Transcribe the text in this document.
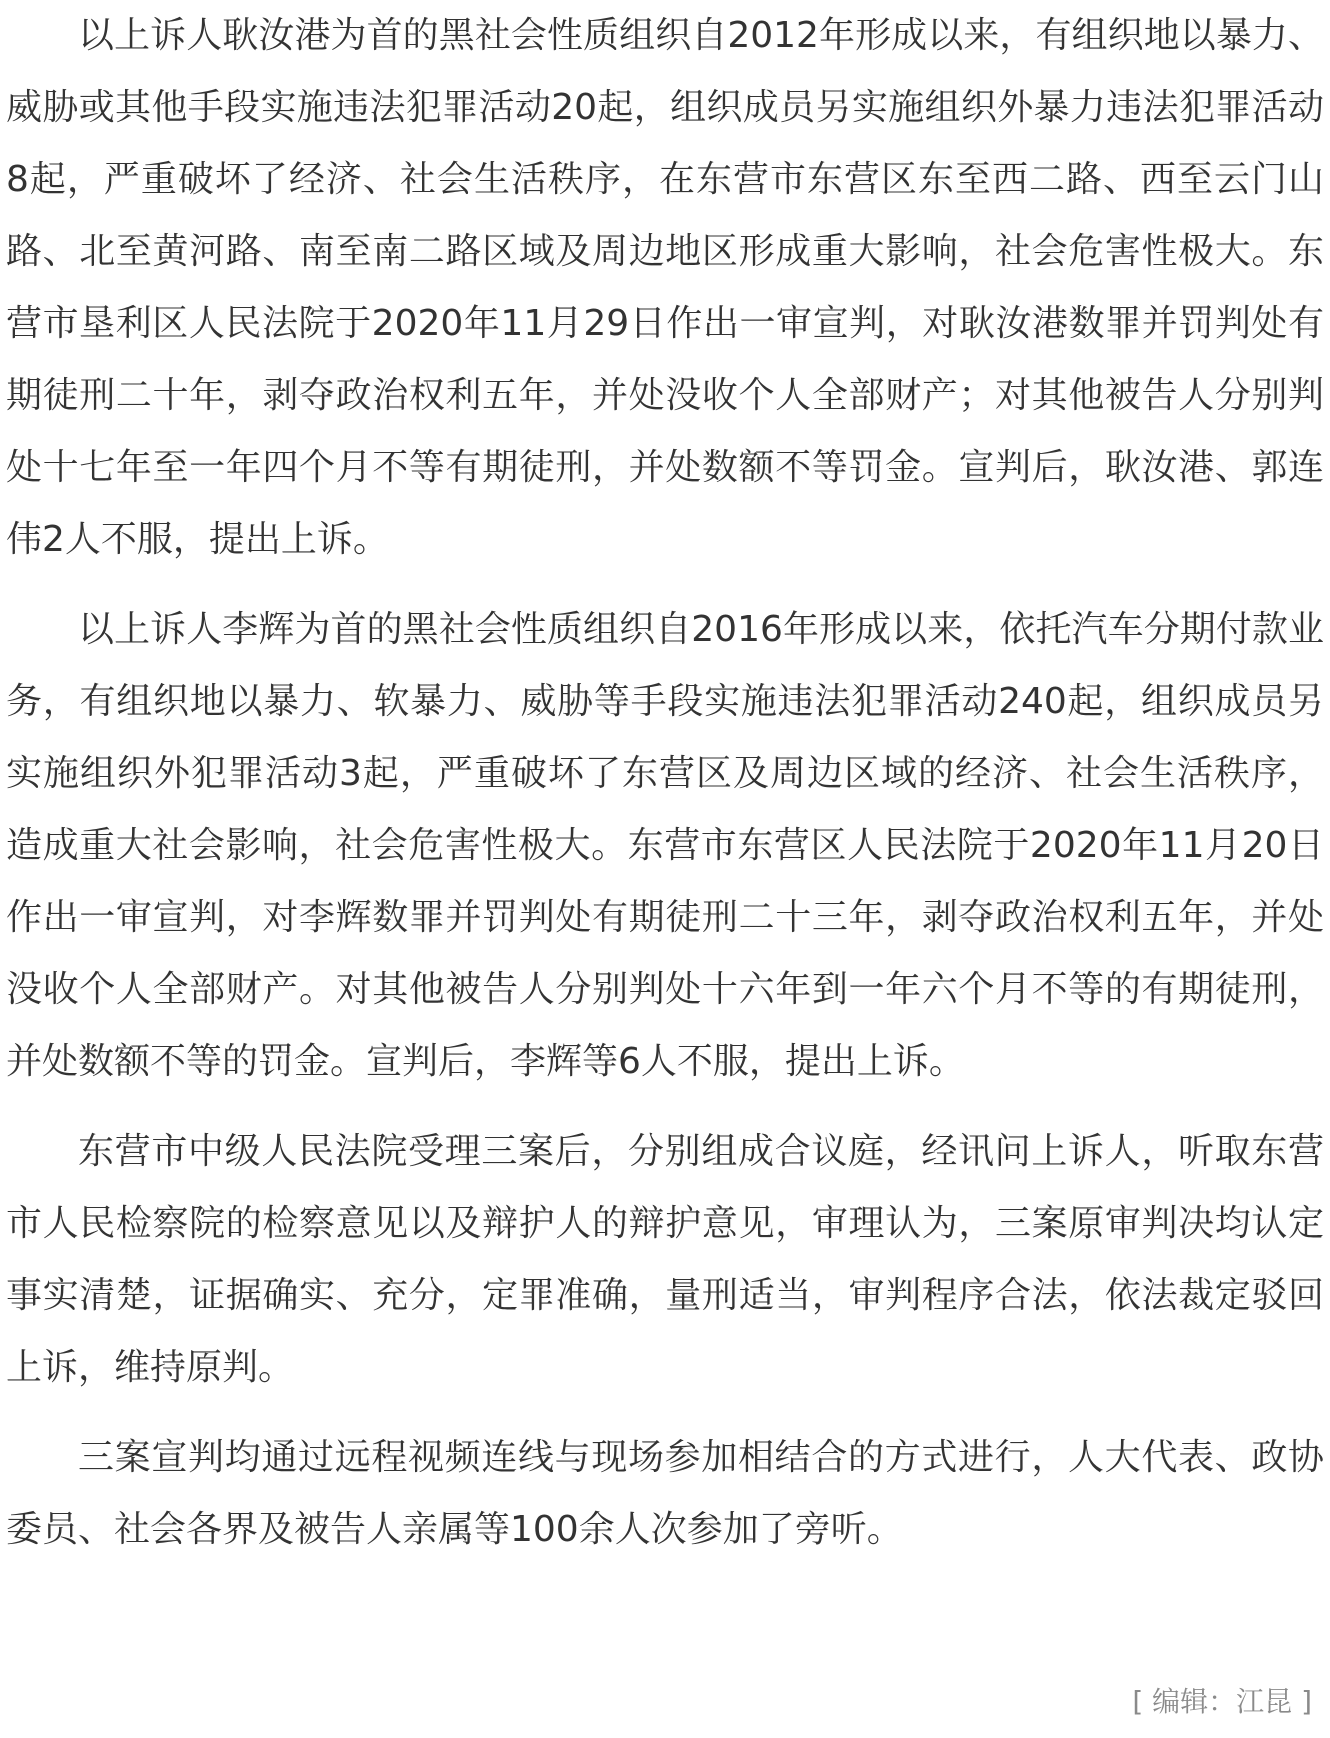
以上诉人耿汝港为首的黑社会性质组织自2012年形成以来，有组织地以暴力、威胁或其他手段实施违法犯罪活动20起，组织成员另实施组织外暴力违法犯罪活动8起，严重破坏了经济、社会生活秩序，在东营市东营区东至西二路、西至云门山路、北至黄河路、南至南二路区域及周边地区形成重大影响，社会危害性极大。东营市垦利区人民法院于2020年11月29日作出一审宣判，对耿汝港数罪并罚判处有期徒刑二十年，剥夺政治权利五年，并处没收个人全部财产；对其他被告人分别判处十七年至一年四个月不等有期徒刑，并处数额不等罚金。宣判后，耿汝港、郭连伟2人不服，提出上诉。

以上诉人李辉为首的黑社会性质组织自2016年形成以来，依托汽车分期付款业务，有组织地以暴力、软暴力、威胁等手段实施违法犯罪活动240起，组织成员另实施组织外犯罪活动3起，严重破坏了东营区及周边区域的经济、社会生活秩序，造成重大社会影响，社会危害性极大。东营市东营区人民法院于2020年11月20日作出一审宣判，对李辉数罪并罚判处有期徒刑二十三年，剥夺政治权利五年，并处没收个人全部财产。对其他被告人分别判处十六年到一年六个月不等的有期徒刑，并处数额不等的罚金。宣判后，李辉等6人不服，提出上诉。

东营市中级人民法院受理三案后，分别组成合议庭，经讯问上诉人，听取东营市人民检察院的检察意见以及辩护人的辩护意见，审理认为，三案原审判决均认定事实清楚，证据确实、充分，定罪准确，量刑适当，审判程序合法，依法裁定驳回上诉，维持原判。

三案宣判均通过远程视频连线与现场参加相结合的方式进行，人大代表、政协委员、社会各界及被告人亲属等100余人次参加了旁听。

[ 编辑：江昆 ]
